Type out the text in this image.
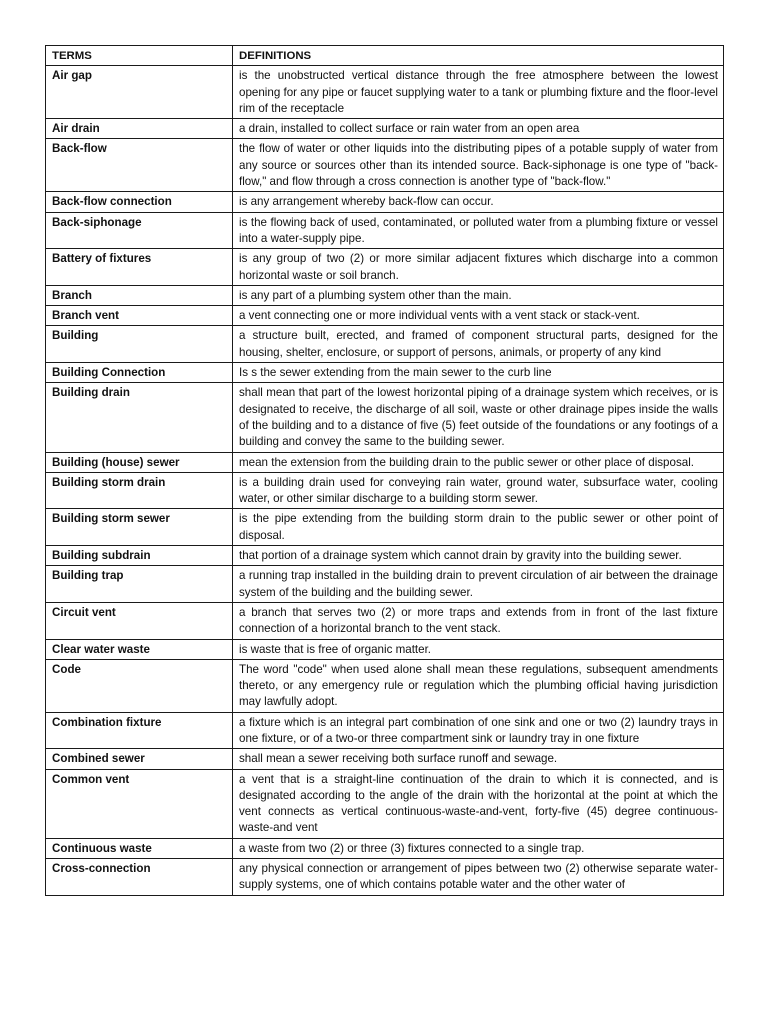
TERMS	DEFINITIONS
Air gap	is the unobstructed vertical distance through the free atmosphere between the lowest opening for any pipe or faucet supplying water to a tank or plumbing fixture and the floor-level rim of the receptacle
Air drain	a drain, installed to collect surface or rain water from an open area
Back-flow	the flow of water or other liquids into the distributing pipes of a potable supply of water from any source or sources other than its intended source. Back-siphonage is one type of "back-flow," and flow through a cross connection is another type of "back-flow."
Back-flow connection	is any arrangement whereby back-flow can occur.
Back-siphonage	is the flowing back of used, contaminated, or polluted water from a plumbing fixture or vessel into a water-supply pipe.
Battery of fixtures	is any group of two (2) or more similar adjacent fixtures which discharge into a common horizontal waste or soil branch.
Branch	is any part of a plumbing system other than the main.
Branch vent	a vent connecting one or more individual vents with a vent stack or stack-vent.
Building	a structure built, erected, and framed of component structural parts, designed for the housing, shelter, enclosure, or support of persons, animals, or property of any kind
Building Connection	Is s the sewer extending from the main sewer to the curb line
Building drain	shall mean that part of the lowest horizontal piping of a drainage system which receives, or is designated to receive, the discharge of all soil, waste or other drainage pipes inside the walls of the building and to a distance of five (5) feet outside of the foundations or any footings of a building and convey the same to the building sewer.
Building (house) sewer	mean the extension from the building drain to the public sewer or other place of disposal.
Building storm drain	is a building drain used for conveying rain water, ground water, subsurface water, cooling water, or other similar discharge to a building storm sewer.
Building storm sewer	is the pipe extending from the building storm drain to the public sewer or other point of disposal.
Building subdrain	that portion of a drainage system which cannot drain by gravity into the building sewer.
Building trap	a running trap installed in the building drain to prevent circulation of air between the drainage system of the building and the building sewer.
Circuit vent	a branch that serves two (2) or more traps and extends from in front of the last fixture connection of a horizontal branch to the vent stack.
Clear water waste	is waste that is free of organic matter.
Code	The word "code" when used alone shall mean these regulations, subsequent amendments thereto, or any emergency rule or regulation which the plumbing official having jurisdiction may lawfully adopt.
Combination fixture	a fixture which is an integral part combination of one sink and one or two (2) laundry trays in one fixture, or of a two-or three compartment sink or laundry tray in one fixture
Combined sewer	shall mean a sewer receiving both surface runoff and sewage.
Common vent	a vent that is a straight-line continuation of the drain to which it is connected, and is designated according to the angle of the drain with the horizontal at the point at which the vent connects as vertical continuous-waste-and-vent, forty-five (45) degree continuous-waste-and vent
Continuous waste	a waste from two (2) or three (3) fixtures connected to a single trap.
Cross-connection	any physical connection or arrangement of pipes between two (2) otherwise separate water-supply systems, one of which contains potable water and the other water of
